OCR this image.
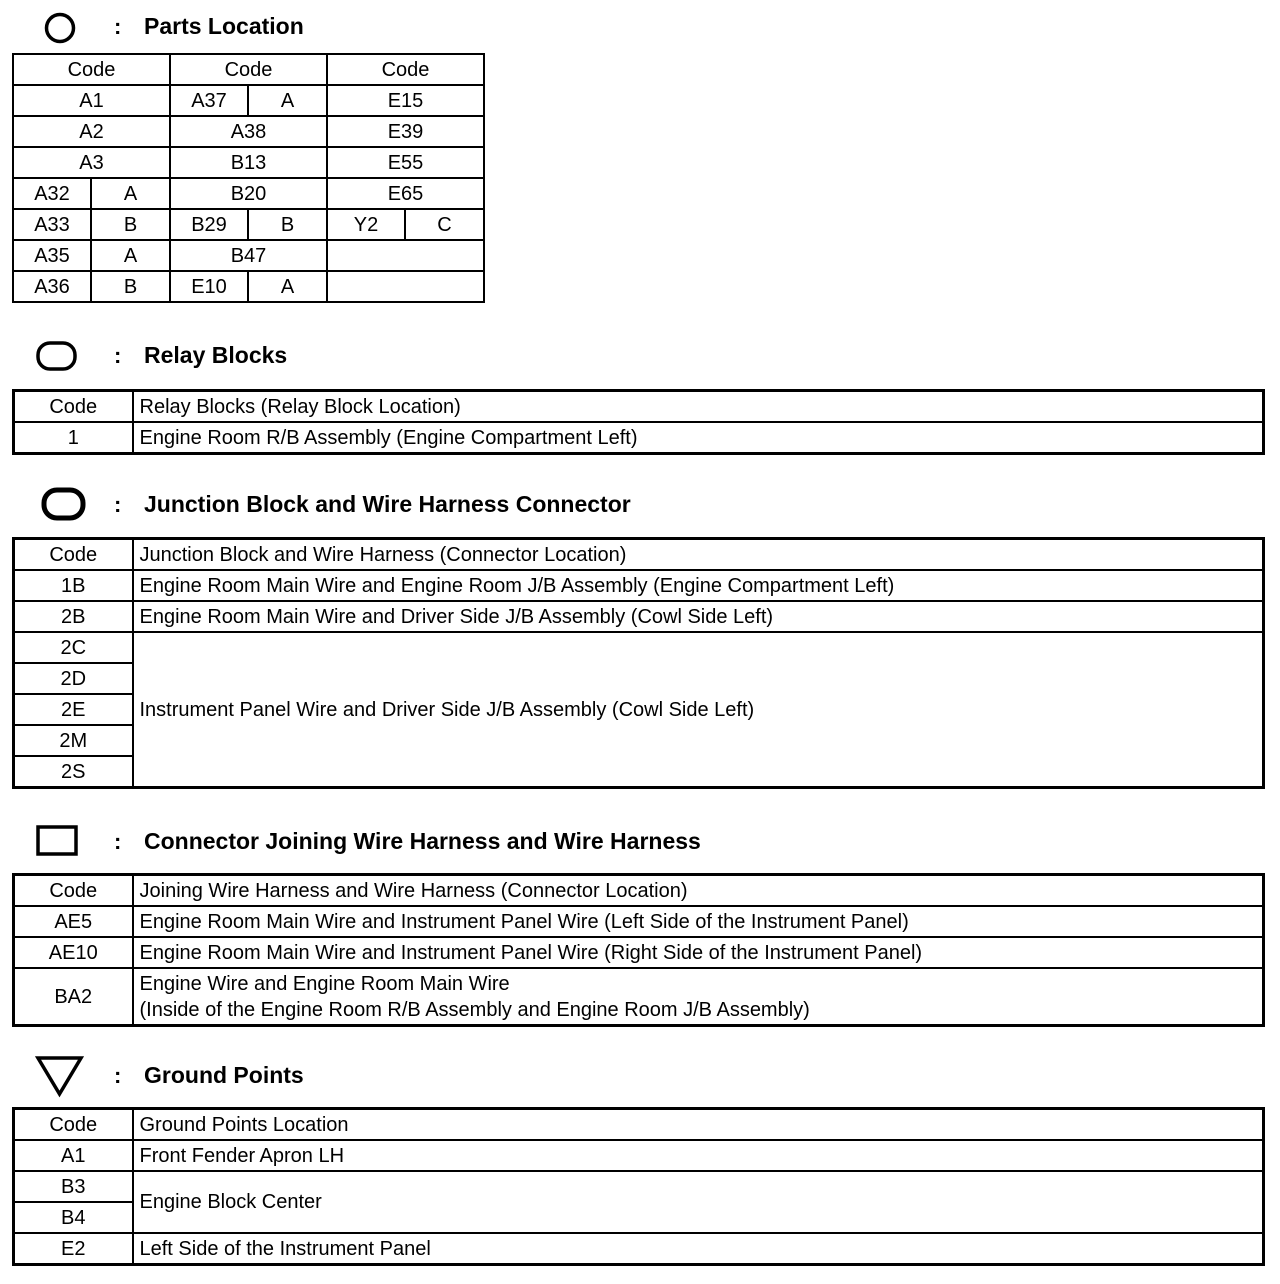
: Parts Location
Code		Code		Code	
A1		A37	A	E15	
A2		A38		E39	
A3		B13		E55	
A32	A	B20		E65	
A33	B	B29	B	Y2	C
A35	A	B47			
A36	B	E10	A		
: Relay Blocks
Code	Relay Blocks (Relay Block Location)
1	Engine Room R/B Assembly (Engine Compartment Left)
: Junction Block and Wire Harness Connector
Code	Junction Block and Wire Harness (Connector Location)
1B	Engine Room Main Wire and Engine Room J/B Assembly (Engine Compartment Left)
2B	Engine Room Main Wire and Driver Side J/B Assembly (Cowl Side Left)
2C	Instrument Panel Wire and Driver Side J/B Assembly (Cowl Side Left)
2D	
2E	
2M	
2S	
: Connector Joining Wire Harness and Wire Harness
Code	Joining Wire Harness and Wire Harness (Connector Location)
AE5	Engine Room Main Wire and Instrument Panel Wire (Left Side of the Instrument Panel)
AE10	Engine Room Main Wire and Instrument Panel Wire (Right Side of the Instrument Panel)
BA2	Engine Wire and Engine Room Main Wire
(Inside of the Engine Room R/B Assembly and Engine Room J/B Assembly)
: Ground Points
Code	Ground Points Location
A1	Front Fender Apron LH
B3	Engine Block Center
B4	
E2	Left Side of the Instrument Panel
